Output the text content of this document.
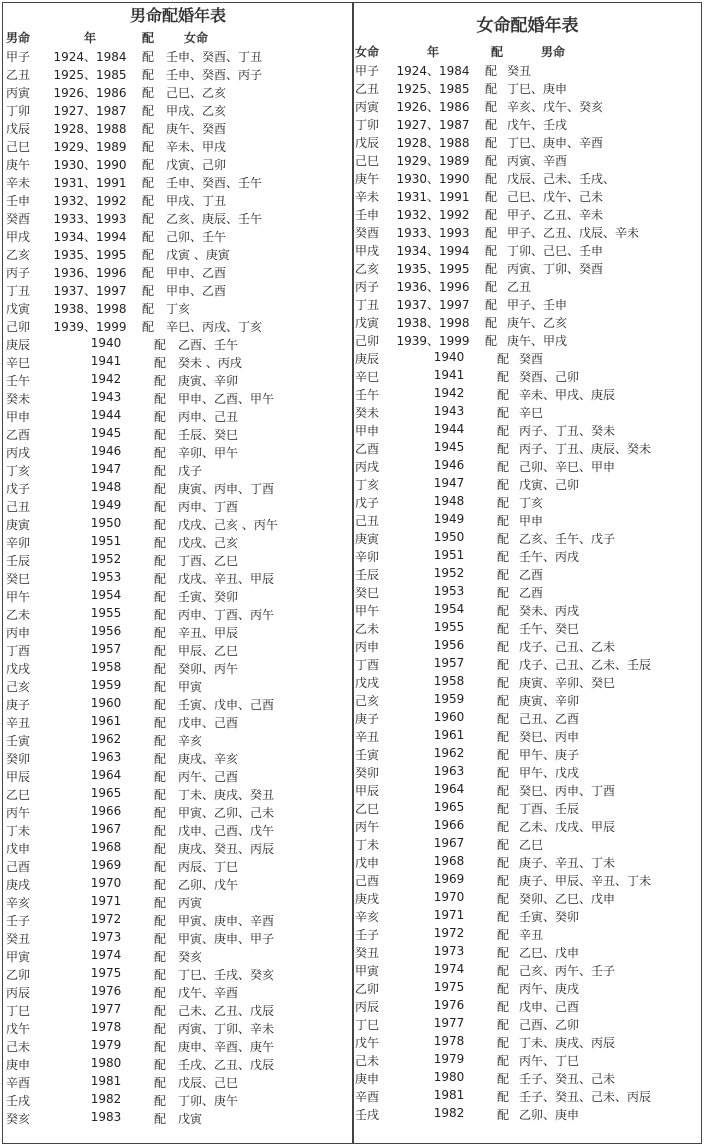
男命配婚年表
男命	年	配 女命
甲子 1924、1984 配 壬申、癸酉、丁丑
乙丑 1925、1985 配 壬申、癸酉、丙子
丙寅 1926、1986 配 己巳、乙亥
丁卯 1927、1987 配 甲戌、乙亥
戊辰 1928、1988 配 庚午、癸酉
己巳 1929、1989 配 辛未、甲戌
庚午 1930、1990 配 戊寅、己卯
辛未 1931、1991 配 壬申、癸酉、壬午
壬申 1932、1992 配 甲戌、丁丑
癸酉 1933、1993 配 乙亥、庚辰、壬午
甲戌 1934、1994 配 己卯、壬午
乙亥 1935、1995 配 戊寅 、庚寅
丙子 1936、1996 配 甲申、乙酉
丁丑 1937、1997 配 甲申、乙酉
戊寅 1938、1998 配 丁亥
己卯 1939、1999 配 辛巳、丙戌、丁亥
庚辰	1940	配 乙酉、壬午
辛巳	1941	配 癸未 、丙戌
壬午	1942	配 庚寅、辛卯
癸未	1943	配 甲申、乙酉、甲午
甲申	1944	配 丙申、己丑
乙酉	1945	配 壬辰、癸巳
丙戌	1946	配 辛卯、甲午
丁亥	1947	配 戊子
戊子	1948	配 庚寅、丙申、丁酉
己丑	1949	配 丙申、丁酉
庚寅	1950	配 戊戌、己亥 、丙午
辛卯	1951	配 戊戌、己亥
壬辰	1952	配 丁酉、乙巳
癸巳	1953	配 戊戌、辛丑、甲辰
甲午	1954	配 壬寅、癸卯
乙未	1955	配 丙申、丁酉、丙午
丙申	1956	配 辛丑、甲辰
丁酉	1957	配 甲辰、乙巳
戊戌	1958	配 癸卯、丙午
己亥	1959	配 甲寅
庚子	1960	配 壬寅、戊申、己酉
辛丑	1961	配 戊申、己酉
壬寅	1962	配 辛亥
癸卯	1963	配 庚戌、辛亥
甲辰	1964	配 丙午、己酉
乙巳	1965	配 丁未、庚戌、癸丑
丙午	1966	配 甲寅、乙卯、己未
丁未	1967	配 戊申、己酉、戊午
戊申	1968	配 庚戌、癸丑、丙辰
己酉	1969	配 丙辰、丁巳
庚戌	1970	配 乙卯、戊午
辛亥	1971	配 丙寅
壬子	1972	配 甲寅、庚申、辛酉
癸丑	1973	配 甲寅、庚申、甲子
甲寅	1974	配 癸亥
乙卯	1975	配 丁巳、壬戌、癸亥
丙辰	1976	配 戊午、辛酉
丁巳	1977	配 己未、乙丑、戊辰
戊午	1978	配 丙寅、丁卯、辛未
己未	1979	配 庚申、辛酉、庚午
庚申	1980	配 壬戌、乙丑、戊辰
辛酉	1981	配 戊辰、己巳
壬戌	1982	配 丁卯、庚午
癸亥	1983	配 戊寅
女命配婚年表
女命	年	配	男命
甲子 1924、1984 配 癸丑
乙丑 1925、1985 配 丁巳、庚申
丙寅 1926、1986 配 辛亥、戊午、癸亥
丁卯 1927、1987 配 戊午、壬戌
戊辰 1928、1988 配 丁巳、庚申、辛酉
己巳 1929、1989 配 丙寅、辛酉
庚午 1930、1990 配 戊辰、己未、壬戌、
辛未 1931、1991 配 己巳、戊午、己未
壬申 1932、1992 配 甲子、乙丑、辛未
癸酉 1933、1993 配 甲子、乙丑、戊辰、辛未
甲戌 1934、1994 配 丁卯、己巳、壬申
乙亥 1935、1995 配 丙寅、丁卯、癸酉
丙子 1936、1996 配 乙丑
丁丑 1937、1997 配 甲子、壬申
戊寅 1938、1998 配 庚午、乙亥
己卯 1939、1999 配 庚午、甲戌
庚辰	1940	配 癸酉
辛巳	1941	配 癸酉、己卯
壬午	1942	配 辛未、甲戌、庚辰
癸未	1943	配 辛巳
甲申	1944	配 丙子、丁丑、癸未
乙酉	1945	配 丙子、丁丑、庚辰、癸未
丙戌	1946	配 己卯、辛巳、甲申
丁亥	1947	配 戊寅、己卯
戊子	1948	配 丁亥
己丑	1949	配 甲申
庚寅	1950	配 乙亥、壬午、戊子
辛卯	1951	配 壬午、丙戌
壬辰	1952	配 乙酉
癸巳	1953	配 乙酉
甲午	1954	配 癸未、丙戌
乙未	1955	配 壬午、癸巳
丙申	1956	配 戊子、己丑、乙未
丁酉	1957	配 戊子、己丑、乙未、壬辰
戊戌	1958	配 庚寅、辛卯、癸巳
己亥	1959	配 庚寅、辛卯
庚子	1960	配 己丑、乙酉
辛丑	1961	配 癸巳、丙申
壬寅	1962	配 甲午、庚子
癸卯	1963	配 甲午、戊戌
甲辰	1964	配 癸巳、丙申、丁酉
乙巳	1965	配 丁酉、壬辰
丙午	1966	配 乙未、戊戌、甲辰
丁未	1967	配 乙巳
戊申	1968	配 庚子、辛丑、丁未
己酉	1969	配 庚子、甲辰、辛丑、丁未
庚戌	1970	配 癸卯、乙巳、戊申
辛亥	1971	配 壬寅、癸卯
壬子	1972	配 辛丑
癸丑	1973	配 乙巳、戊申
甲寅	1974	配 己亥、丙午、壬子
乙卯	1975	配 丙午、庚戌
丙辰	1976	配 戊申、己酉
丁巳	1977	配 己酉、乙卯
戊午	1978	配 丁未、庚戌、丙辰
己未	1979	配 丙午、丁巳
庚申	1980	配 壬子、癸丑、己未
辛酉	1981	配 壬子、癸丑、己未、丙辰
壬戌	1982	配 乙卯、庚申
